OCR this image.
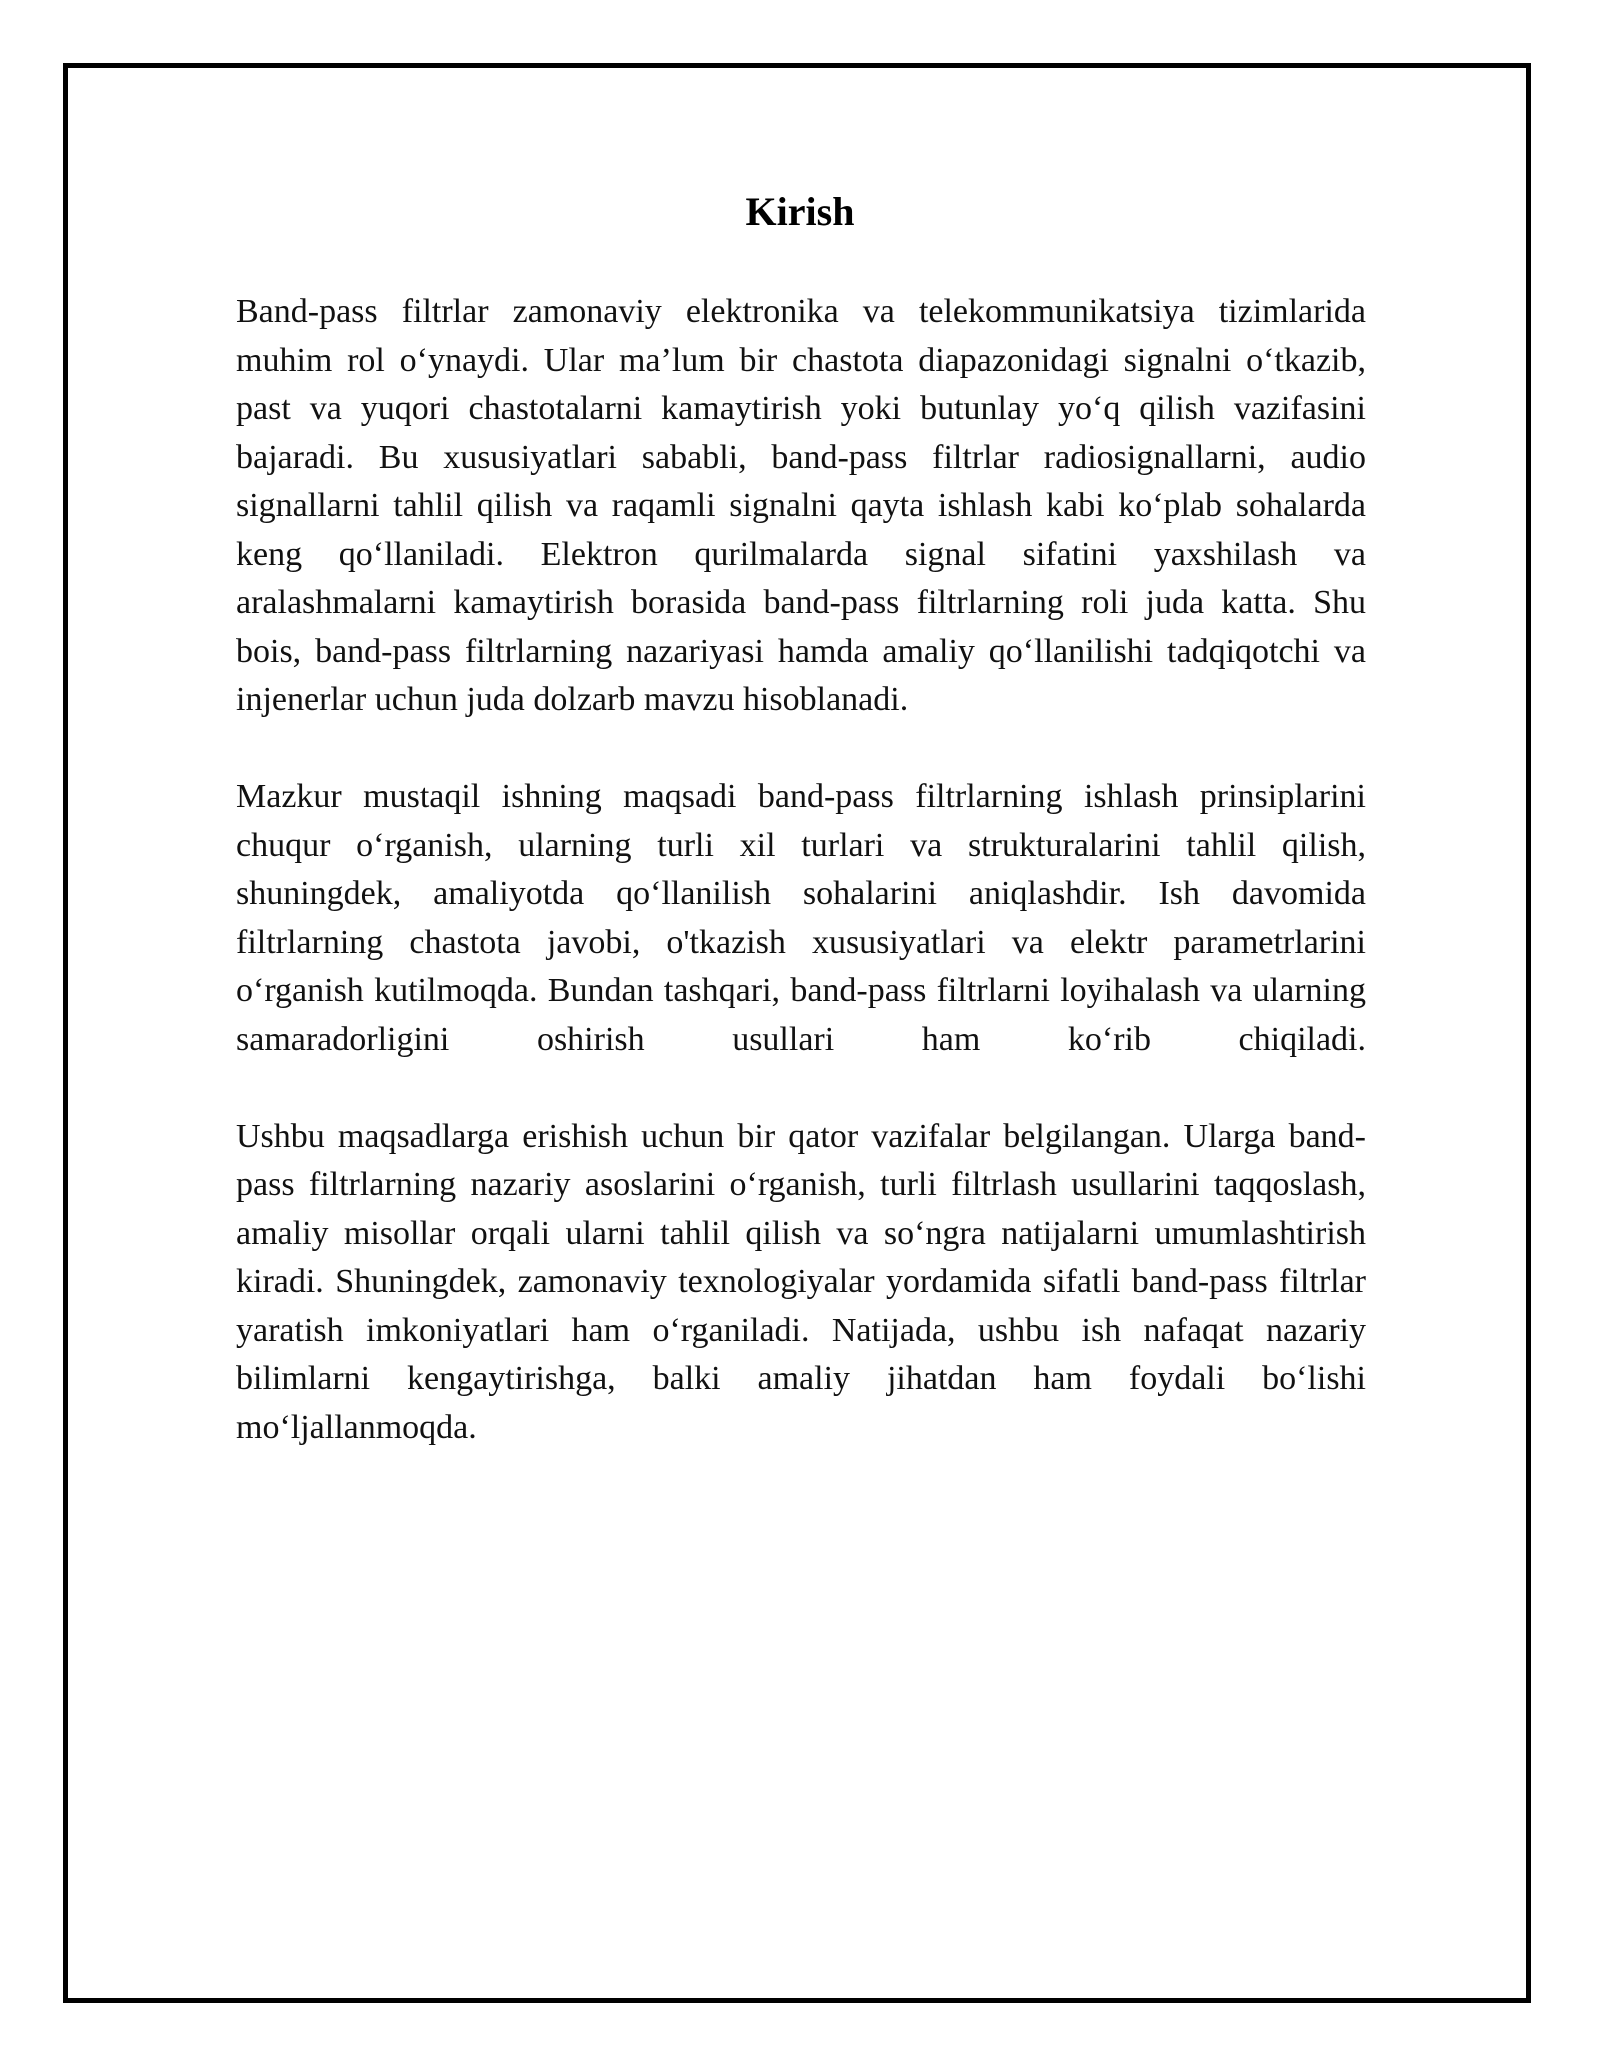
Kirish

Band-pass filtrlar zamonaviy elektronika va telekommunikatsiya tizimlarida muhim rol o‘ynaydi. Ular ma’lum bir chastota diapazonidagi signalni o‘tkazib, past va yuqori chastotalarni kamaytirish yoki butunlay yo‘q qilish vazifasini bajaradi. Bu xususiyatlari sababli, band-pass filtrlar radiosignallarni, audio signallarni tahlil qilish va raqamli signalni qayta ishlash kabi ko‘plab sohalarda keng qo‘llaniladi. Elektron qurilmalarda signal sifatini yaxshilash va aralashmalarni kamaytirish borasida band-pass filtrlarning roli juda katta. Shu bois, band-pass filtrlarning nazariyasi hamda amaliy qo‘llanilishi tadqiqotchi va injenerlar uchun juda dolzarb mavzu hisoblanadi.

Mazkur mustaqil ishning maqsadi band-pass filtrlarning ishlash prinsiplarini chuqur o‘rganish, ularning turli xil turlari va strukturalarini tahlil qilish, shuningdek, amaliyotda qo‘llanilish sohalarini aniqlashdir. Ish davomida filtrlarning chastota javobi, o'tkazish xususiyatlari va elektr parametrlarini o‘rganish kutilmoqda. Bundan tashqari, band-pass filtrlarni loyihalash va ularning samaradorligini oshirish usullari ham ko‘rib chiqiladi.

Ushbu maqsadlarga erishish uchun bir qator vazifalar belgilangan. Ularga band-pass filtrlarning nazariy asoslarini o‘rganish, turli filtrlash usullarini taqqoslash, amaliy misollar orqali ularni tahlil qilish va so‘ngra natijalarni umumlashtirish kiradi. Shuningdek, zamonaviy texnologiyalar yordamida sifatli band-pass filtrlar yaratish imkoniyatlari ham o‘rganiladi. Natijada, ushbu ish nafaqat nazariy bilimlarni kengaytirishga, balki amaliy jihatdan ham foydali bo‘lishi mo‘ljallanmoqda.
